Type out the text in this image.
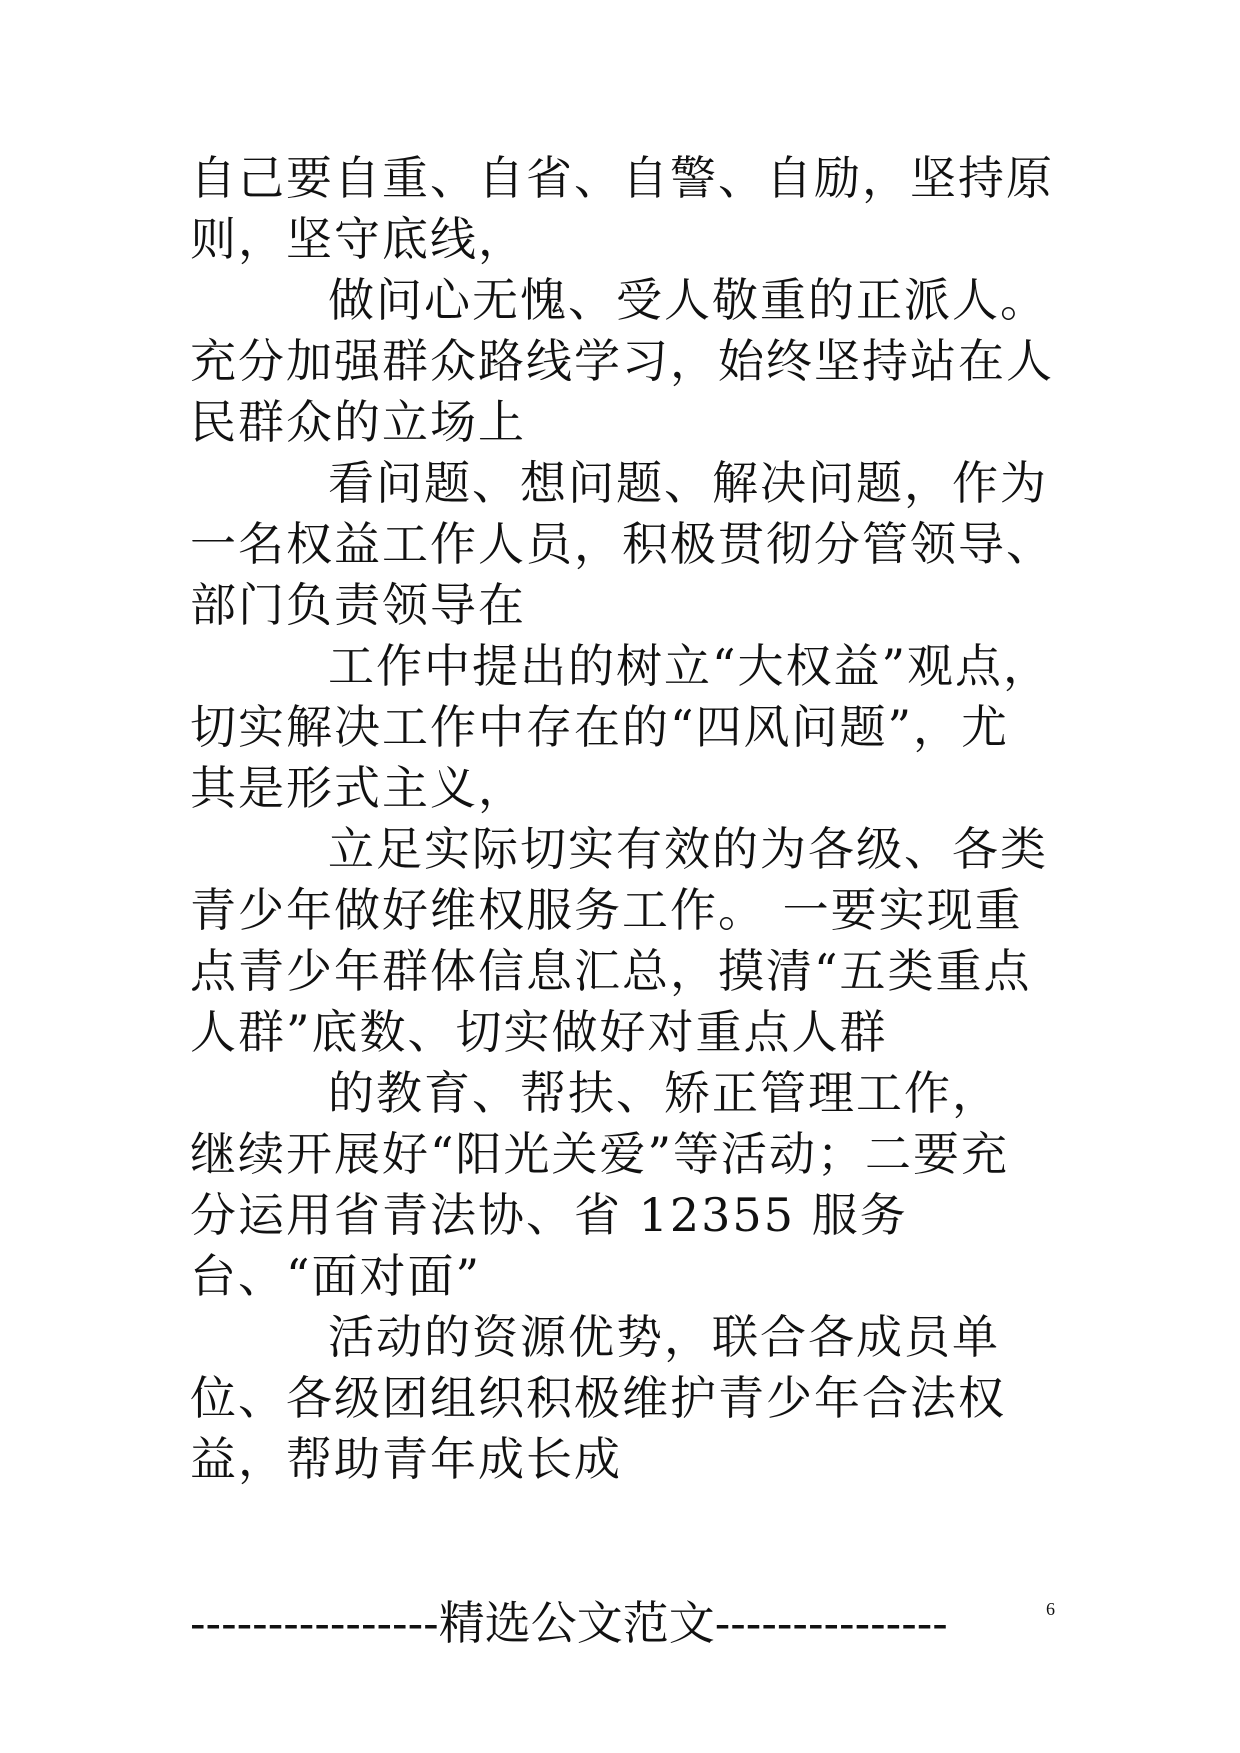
自己要自重、自省、自警、自励，坚持原则，坚守底线，

做问心无愧、受人敬重的正派人。充分加强群众路线学习，始终坚持站在人民群众的立场上

看问题、想问题、解决问题，作为一名权益工作人员，积极贯彻分管领导、部门负责领导在

工作中提出的树立“大权益”观点，切实解决工作中存在的“四风问题”，尤其是形式主义，

立足实际切实有效的为各级、各类青少年做好维权服务工作。 一要实现重点青少年群体信息汇总，摸清“五类重点人群”底数、切实做好对重点人群

的教育、帮扶、矫正管理工作， 继续开展好“阳光关爱”等活动；二要充分运用省青法协、省 12355 服务台、“面对面”

活动的资源优势，联合各成员单位、各级团组织积极维护青少年合法权益，帮助青年成长成

----------------精选公文范文---------------	6
